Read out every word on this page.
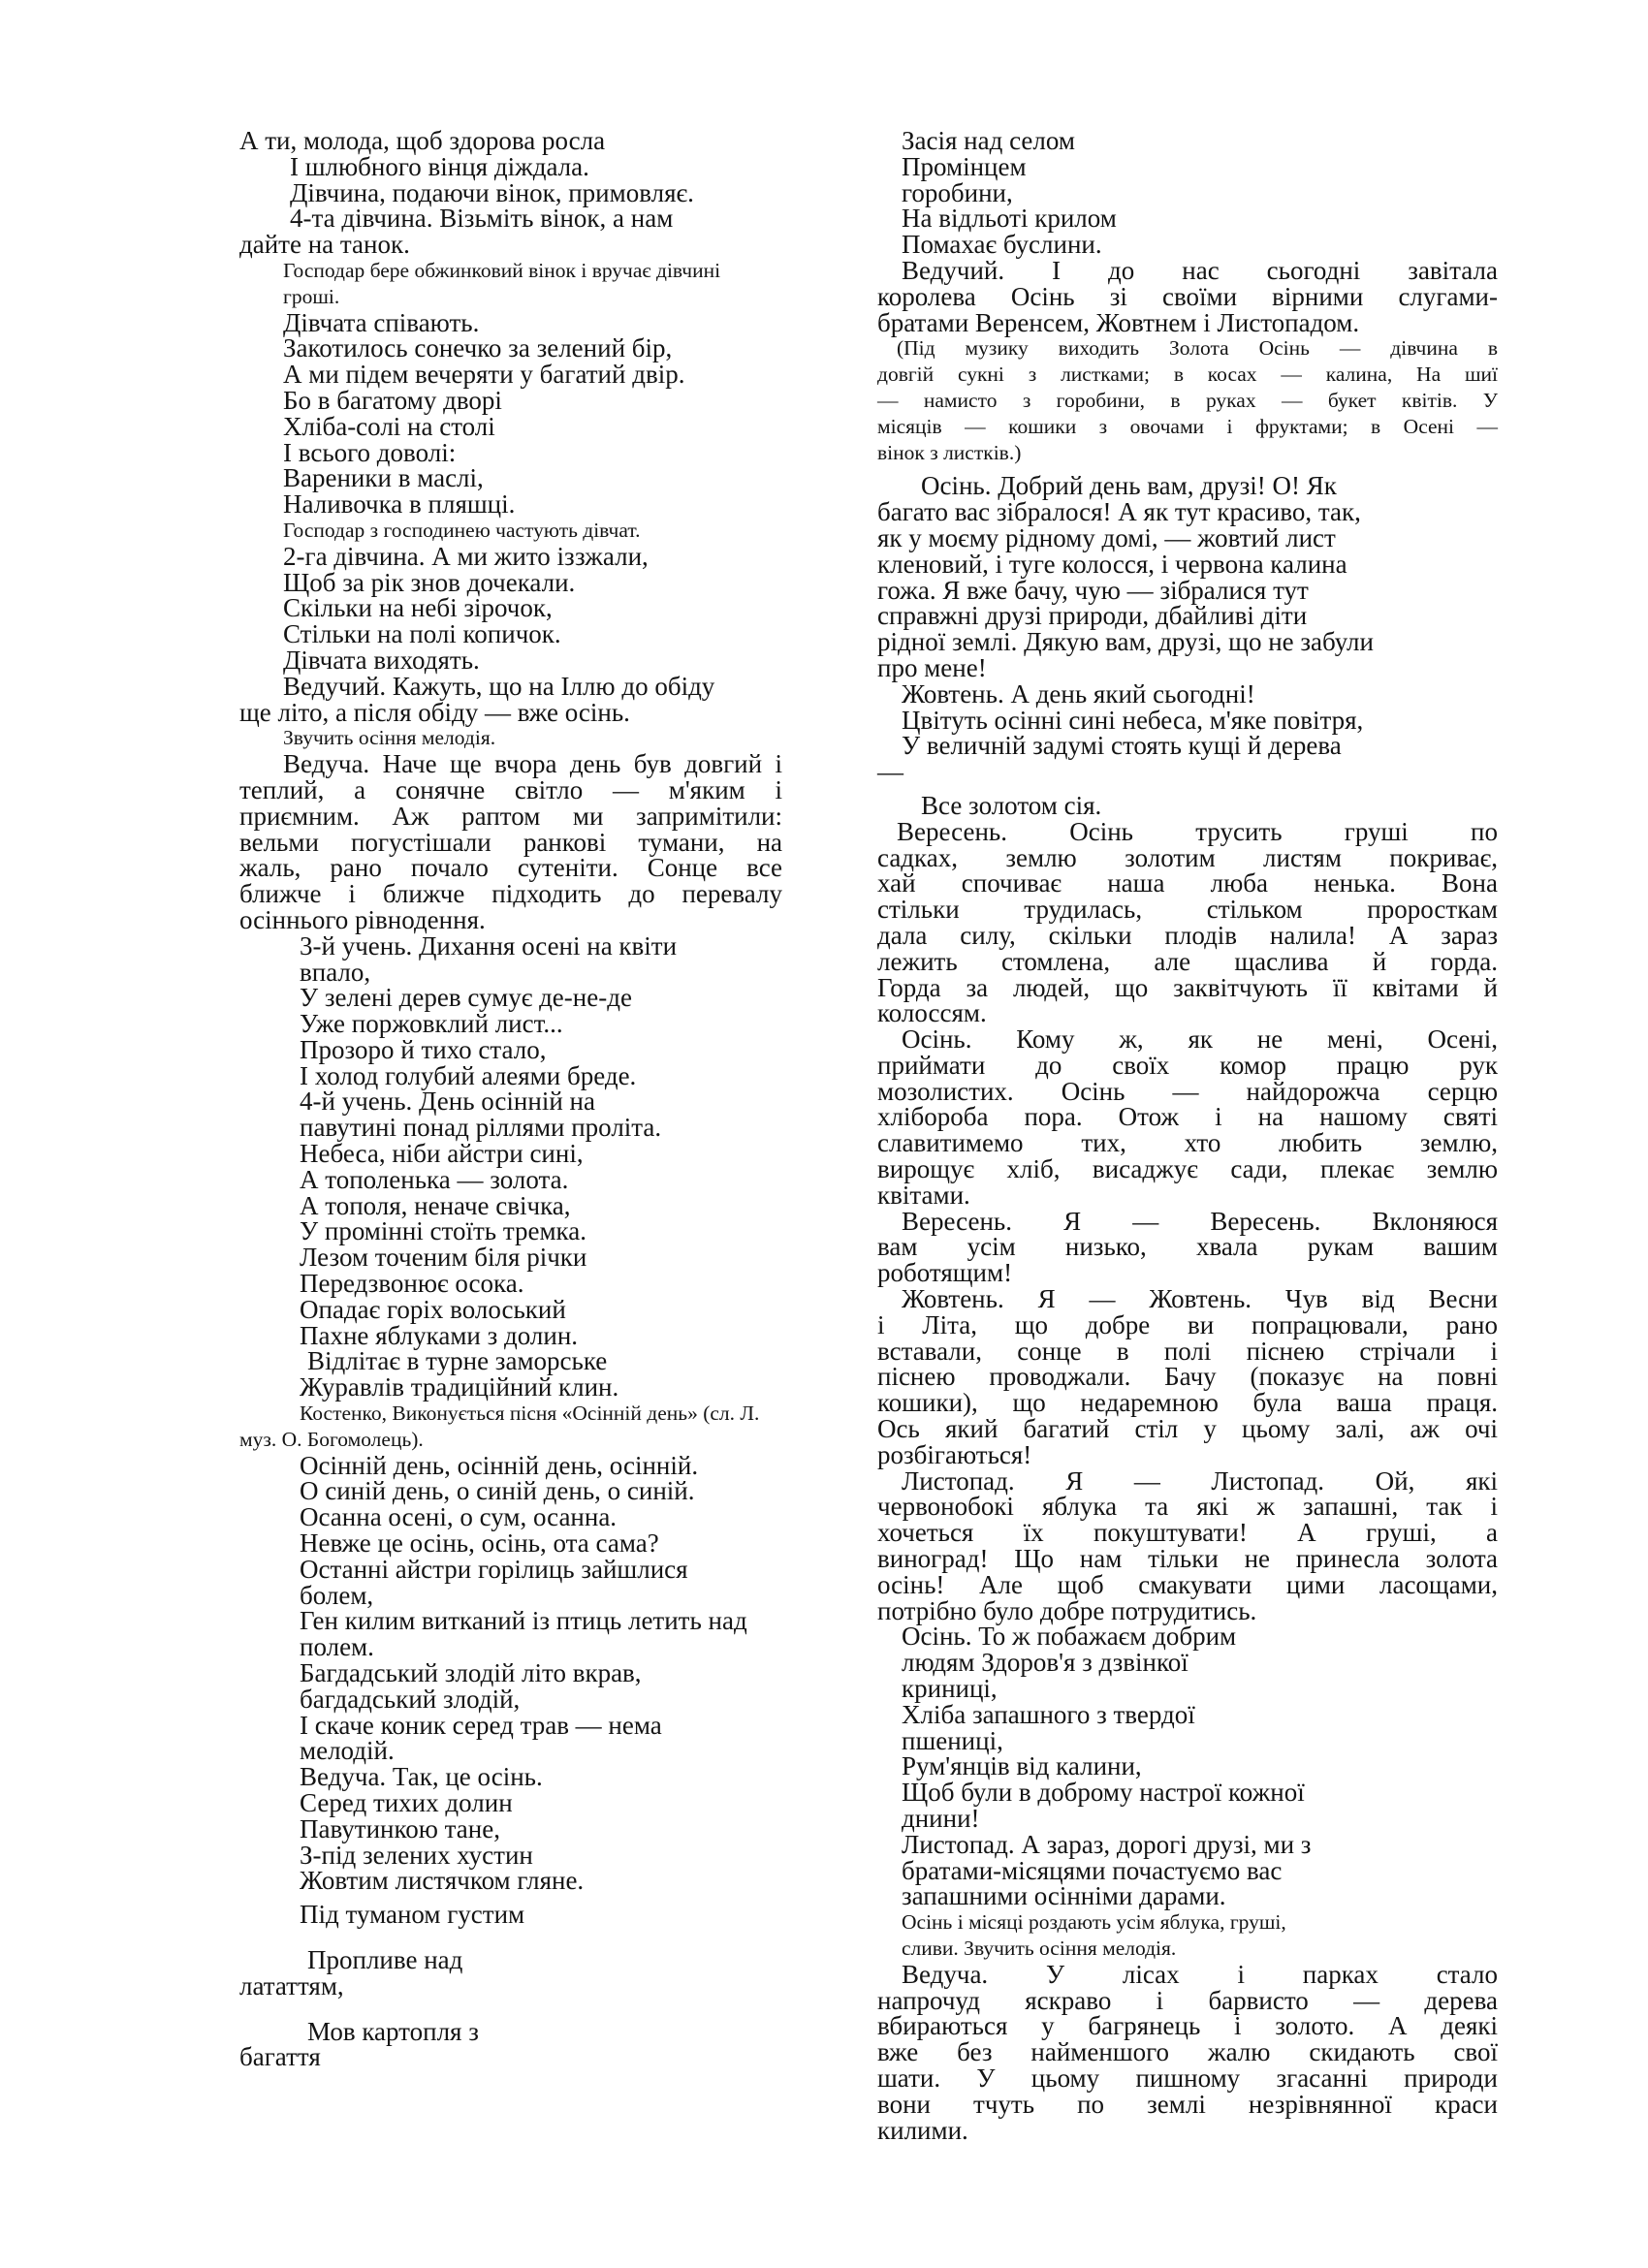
А ти, молода, щоб здорова росла

І шлюбного вінця діждала.

Дівчина, подаючи вінок, примовляє.

4-та дівчина. Візьміть вінок, а нам

дайте на танок.

Господар бере обжинковий вінок і вручає дівчині

гроші.

Дівчата співають.

Закотилось сонечко за зелений бір,

А ми підем вечеряти у багатий двір.

Бо в багатому дворі

Хліба-солі на столі

І всього доволі:

Вареники в маслі,

Наливочка в пляшці.

Господар з господинею частують дівчат.

2-га дівчина. А ми жито іззжали,

Щоб за рік знов дочекали.

Скільки на небі зірочок,

Стільки на полі копичок.

Дівчата виходять.

Ведучий. Кажуть, що на Іллю до обіду

ще літо, а після обіду — вже осінь.

Звучить осіння мелодія.

Ведуча. Наче ще вчора день був довгий і

теплий, а сонячне світло — м'яким і

приємним. Аж раптом ми запримітили:

вельми погустішали ранкові тумани, на

жаль, рано почало сутеніти. Сонце все

ближче і ближче підходить до перевалу

осіннього рівнодення.

3-й учень. Дихання осені на квіти

впало,

У зелені дерев сумує де-не-де

Уже поржовклий лист...

Прозоро й тихо стало,

І холод голубий алеями бреде.

4-й учень. День осінній на

павутині понад ріллями проліта.

Небеса, ніби айстри сині,

А тополенька — золота.

А тополя, неначе свічка,

У промінні стоїть тремка.

Лезом точеним біля річки

Передзвонює осока.

Опадає горіх волоський

Пахне яблуками з долин.

Відлітає в турне заморське

Журавлів традиційний клин.

Костенко, Виконується пісня «Осінній день» (сл. Л.

муз. О. Богомолець).

Осінній день, осінній день, осінній.

О синій день, о синій день, о синій.

Осанна осені, о сум, осанна.

Невже це осінь, осінь, ота сама?

Останні айстри горілиць зайшлися

болем,

Ген килим витканий із птиць летить над

полем.

Багдадський злодій літо вкрав,

багдадський злодій,

І скаче коник серед трав — нема

мелодій.

Ведуча. Так, це осінь.

Серед тихих долин

Павутинкою тане,

З-під зелених хустин

Жовтим листячком гляне.

Під туманом густим

Пропливе над

лататтям,

Мов картопля з

багаття

Засія над селом

Промінцем

горобини,

На відльоті крилом

Помахає буслини.

Ведучий. І до нас сьогодні завітала

королева Осінь зі своїми вірними слугами-

братами Веренсем, Жовтнем і Листопадом.

(Під музику виходить Золота Осінь — дівчина в

довгій сукні з листками; в косах — калина, На шиї

— намисто з горобини, в руках — букет квітів. У

місяців — кошики з овочами і фруктами; в Осені —

вінок з листків.)

Осінь. Добрий день вам, друзі! О! Як

багато вас зібралося! А як тут красиво, так,

як у моєму рідному домі, — жовтий лист

кленовий, і туге колосся, і червона калина

гожа. Я вже бачу, чую — зібралися тут

справжні друзі природи, дбайливі діти

рідної землі. Дякую вам, друзі, що не забули

про мене!

Жовтень. А день який сьогодні!

Цвітуть осінні сині небеса, м'яке повітря,

У величній задумі стоять кущі й дерева

—

Все золотом сія.

Вересень. Осінь трусить груші по

садках, землю золотим листям покриває,

хай спочиває наша люба ненька. Вона

стільки трудилась, стільком проросткам

дала силу, скільки плодів налила! А зараз

лежить стомлена, але щаслива й горда.

Горда за людей, що заквітчують її квітами й

колоссям.

Осінь. Кому ж, як не мені, Осені,

приймати до своїх комор працю рук

мозолистих. Осінь — найдорожча серцю

хлібороба пора. Отож і на нашому святі

славитимемо тих, хто любить землю,

вирощує хліб, висаджує сади, плекає землю

квітами.

Вересень. Я — Вересень. Вклоняюся

вам усім низько, хвала рукам вашим

роботящим!

Жовтень. Я — Жовтень. Чув від Весни

і Літа, що добре ви попрацювали, рано

вставали, сонце в полі піснею стрічали і

піснею проводжали. Бачу (показує на повні

кошики), що недаремною була ваша праця.

Ось який багатий стіл у цьому залі, аж очі

розбігаються!

Листопад. Я — Листопад. Ой, які

червонобокі яблука та які ж запашні, так і

хочеться їх покуштувати! А груші, а

виноград! Що нам тільки не принесла золота

осінь! Але щоб смакувати цими ласощами,

потрібно було добре потрудитись.

Осінь. То ж побажаєм добрим

людям Здоров'я з дзвінкої

криниці,

Хліба запашного з твердої

пшениці,

Рум'янців від калини,

Щоб були в доброму настрої кожної

днини!

Листопад. А зараз, дорогі друзі, ми з

братами-місяцями почастуємо вас

запашними осінніми дарами.

Осінь і місяці роздають усім яблука, груші,

сливи. Звучить осіння мелодія.

Ведуча. У лісах і парках стало

напрочуд яскраво і барвисто — дерева

вбираються у багрянець і золото. А деякі

вже без найменшого жалю скидають свої

шати. У цьому пишному згасанні природи

вони тчуть по землі незрівнянної краси

килими.
